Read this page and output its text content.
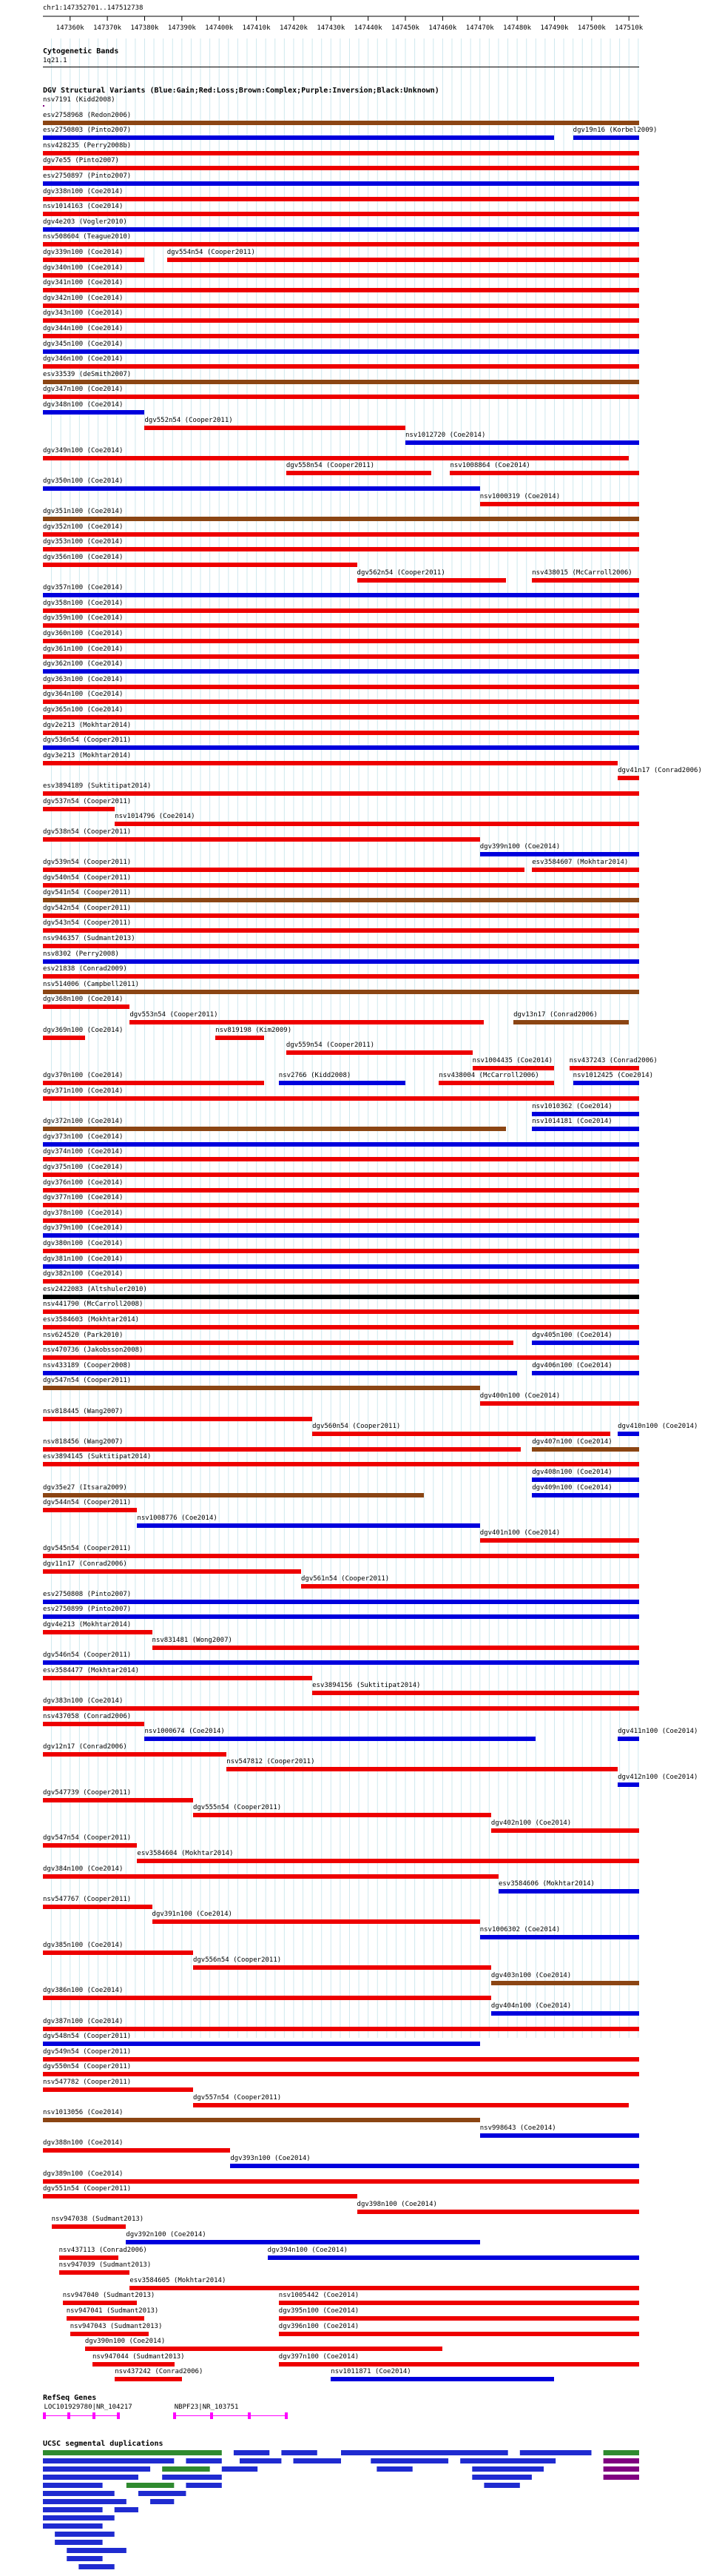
chr1:147352701..147512738
147360k 147370k 147380k 147390k 147400k 147410k 147420k 147430k 147440k 147450k 147460k 147470k 147480k 147490k 147500k 147510k
Cytogenetic Bands
1q21.1
DGV Structural Variants (Blue:Gain;Red:Loss;Brown:Complex;Purple:Inversion;Black:Unknown)
nsv7191 (Kidd2008)
esv2758968 (Redon2006)
esv2750803 (Pinto2007)	dgv19n16 (Korbel2009)
nsv428235 (Perry2008b)
dgv7e55 (Pinto2007)
esv2750897 (Pinto2007)
dgv338n100 (Coe2014)
nsv1014163 (Coe2014)
dgv4e203 (Vogler2010)
nsv508604 (Teague2010)
dgv339n100 (Coe2014)	dgv554n54 (Cooper2011)
dgv340n100 (Coe2014)
dgv341n100 (Coe2014)
dgv342n100 (Coe2014)
dgv343n100 (Coe2014)
dgv344n100 (Coe2014)
dgv345n100 (Coe2014)
dgv346n100 (Coe2014)
esv33539 (deSmith2007)
dgv347n100 (Coe2014)
dgv348n100 (Coe2014)
dgv552n54 (Cooper2011)
nsv1012720 (Coe2014)
dgv349n100 (Coe2014)
dgv558n54 (Cooper2011)	nsv1008864 (Coe2014)
dgv350n100 (Coe2014)
nsv1000319 (Coe2014)
dgv351n100 (Coe2014)
dgv352n100 (Coe2014)
dgv353n100 (Coe2014)
dgv356n100 (Coe2014)
dgv562n54 (Cooper2011)	nsv438015 (McCarroll2006)
dgv357n100 (Coe2014)
dgv358n100 (Coe2014)
dgv359n100 (Coe2014)
dgv360n100 (Coe2014)
dgv361n100 (Coe2014)
dgv362n100 (Coe2014)
dgv363n100 (Coe2014)
dgv364n100 (Coe2014)
dgv365n100 (Coe2014)
dgv2e213 (Mokhtar2014)
dgv536n54 (Cooper2011)
dgv3e213 (Mokhtar2014)
dgv41n17 (Conrad2006)
esv3894189 (Suktitipat2014)
dgv537n54 (Cooper2011)
nsv1014796 (Coe2014)
dgv538n54 (Cooper2011)
dgv399n100 (Coe2014)
dgv539n54 (Cooper2011)	esv3584607 (Mokhtar2014)
dgv540n54 (Cooper2011)
dgv541n54 (Cooper2011)
dgv542n54 (Cooper2011)
dgv543n54 (Cooper2011)
nsv946357 (Sudmant2013)
nsv8302 (Perry2008)
esv21838 (Conrad2009)
nsv514006 (Campbell2011)
dgv368n100 (Coe2014)
dgv553n54 (Cooper2011)	dgv13n17 (Conrad2006)
dgv369n100 (Coe2014)	nsv819198 (Kim2009)
dgv559n54 (Cooper2011)
nsv1004435 (Coe2014)	nsv437243 (Conrad2006)
dgv370n100 (Coe2014)	nsv2766 (Kidd2008)	nsv438004 (McCarroll2006)	nsv1012425 (Coe2014)
dgv371n100 (Coe2014)
nsv1010362 (Coe2014)
dgv372n100 (Coe2014)	nsv1014181 (Coe2014)
dgv373n100 (Coe2014)
dgv374n100 (Coe2014)
dgv375n100 (Coe2014)
dgv376n100 (Coe2014)
dgv377n100 (Coe2014)
dgv378n100 (Coe2014)
dgv379n100 (Coe2014)
dgv380n100 (Coe2014)
dgv381n100 (Coe2014)
dgv382n100 (Coe2014)
esv2422083 (Altshuler2010)
nsv441790 (McCarroll2008)
esv3584603 (Mokhtar2014)
nsv624520 (Park2010)	dgv405n100 (Coe2014)
nsv470736 (Jakobsson2008)
nsv433189 (Cooper2008)	dgv406n100 (Coe2014)
dgv547n54 (Cooper2011)
dgv400n100 (Coe2014)
nsv818445 (Wang2007)
dgv560n54 (Cooper2011)	dgv410n100 (Coe2014)
nsv818456 (Wang2007)	dgv407n100 (Coe2014)
esv3894145 (Suktitipat2014)
dgv408n100 (Coe2014)
dgv35e27 (Itsara2009)	dgv409n100 (Coe2014)
dgv544n54 (Cooper2011)
nsv1008776 (Coe2014)
dgv401n100 (Coe2014)
dgv545n54 (Cooper2011)
dgv11n17 (Conrad2006)
dgv561n54 (Cooper2011)
esv2750808 (Pinto2007)
esv2750899 (Pinto2007)
dgv4e213 (Mokhtar2014)
nsv831481 (Wong2007)
dgv546n54 (Cooper2011)
esv3584477 (Mokhtar2014)
esv3894156 (Suktitipat2014)
dgv383n100 (Coe2014)
nsv437058 (Conrad2006)
nsv1000674 (Coe2014)	dgv411n100 (Coe2014)
dgv12n17 (Conrad2006)
nsv547812 (Cooper2011)
dgv412n100 (Coe2014)
dgv547739 (Cooper2011)
dgv555n54 (Cooper2011)
dgv402n100 (Coe2014)
dgv547n54 (Cooper2011)
esv3584604 (Mokhtar2014)
dgv384n100 (Coe2014)
esv3584606 (Mokhtar2014)
nsv547767 (Cooper2011)
dgv391n100 (Coe2014)
nsv1006302 (Coe2014)
dgv385n100 (Coe2014)
dgv556n54 (Cooper2011)
dgv403n100 (Coe2014)
dgv386n100 (Coe2014)
dgv404n100 (Coe2014)
dgv387n100 (Coe2014)
dgv548n54 (Cooper2011)
dgv549n54 (Cooper2011)
dgv550n54 (Cooper2011)
nsv547782 (Cooper2011)
dgv557n54 (Cooper2011)
nsv1013056 (Coe2014)
nsv998643 (Coe2014)
dgv388n100 (Coe2014)
dgv393n100 (Coe2014)
dgv389n100 (Coe2014)
dgv551n54 (Cooper2011)
dgv398n100 (Coe2014)
nsv947038 (Sudmant2013)
dgv392n100 (Coe2014)
nsv437113 (Conrad2006)	dgv394n100 (Coe2014)
nsv947039 (Sudmant2013)
esv3584605 (Mokhtar2014)
nsv947040 (Sudmant2013)	nsv1005442 (Coe2014)
nsv947041 (Sudmant2013)	dgv395n100 (Coe2014)
nsv947043 (Sudmant2013)	dgv396n100 (Coe2014)
dgv390n100 (Coe2014)
nsv947044 (Sudmant2013)	dgv397n100 (Coe2014)
nsv437242 (Conrad2006)	nsv1011871 (Coe2014)
RefSeq Genes
LOC101929780|NR_104217	NBPF23|NR_103751
UCSC segmental duplications
